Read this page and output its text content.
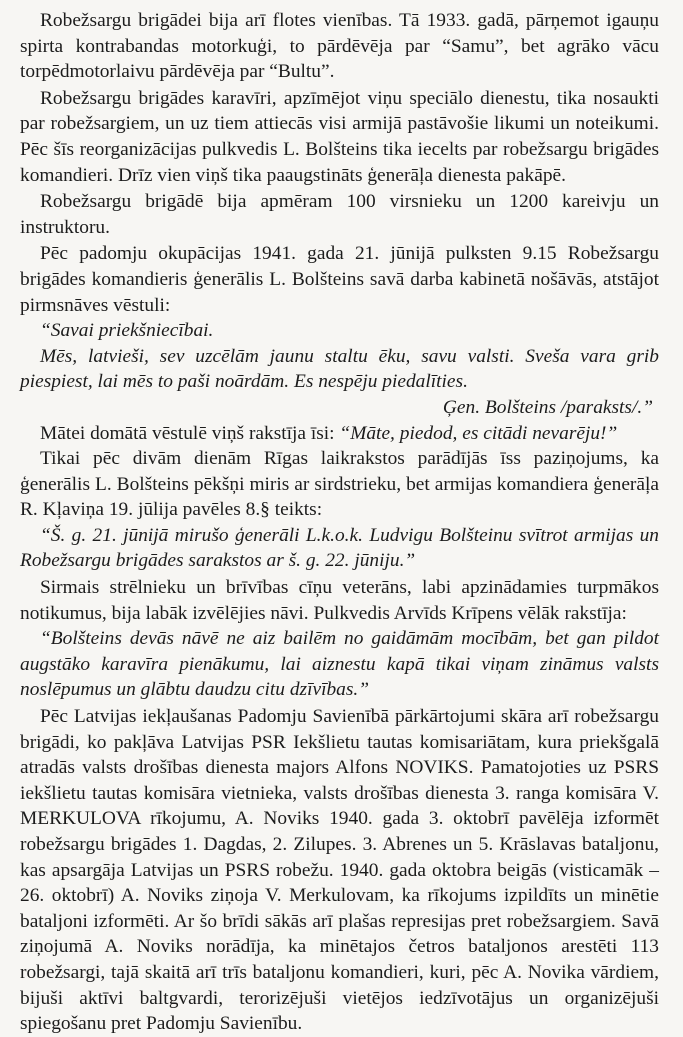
Robežsargu brigādei bija arī flotes vienības. Tā 1933. gadā, pārņemot igauņu spirta kontrabandas motorkuģi, to pārdēvēja par “Samu”, bet agrāko vācu torpēdmotorlaivu pārdēvēja par “Bultu”.

Robežsargu brigādes karavīri, apzīmējot viņu speciālo dienestu, tika nosaukti par robežsargiem, un uz tiem attiecās visi armijā pastāvošie likumi un noteikumi. Pēc šīs reorganizācijas pulkvedis L. Bolšteins tika iecelts par robežsargu brigādes komandieri. Drīz vien viņš tika paaugstināts ģenerāļa dienesta pakāpē.

Robežsargu brigādē bija apmēram 100 virsnieku un 1200 kareivju un instruktoru.

Pēc padomju okupācijas 1941. gada 21. jūnijā pulksten 9.15 Robežsargu brigādes komandieris ģenerālis L. Bolšteins savā darba kabinetā nošāvās, atstājot pirmsnāves vēstuli:

“Savai priekšniecībai.

Mēs, latvieši, sev uzcēlām jaunu staltu ēku, savu valsti. Sveša vara grib piespiest, lai mēs to paši noārdām. Es nespēju piedalīties.

Ģen. Bolšteins /paraksts/.”

Mātei domātā vēstulē viņš rakstīja īsi: “Māte, piedod, es citādi nevarēju!”

Tikai pēc divām dienām Rīgas laikrakstos parādījās īss paziņojums, ka ģenerālis L. Bolšteins pēkšņi miris ar sirdstrieku, bet armijas komandiera ģenerāļa R. Kļaviņa 19. jūlija pavēles 8.§ teikts:

“Š. g. 21. jūnijā mirušo ģenerāli L.k.o.k. Ludvigu Bolšteinu svītrot armijas un Robežsargu brigādes sarakstos ar š. g. 22. jūniju.”

Sirmais strēlnieku un brīvības cīņu veterāns, labi apzinādamies turpmākos notikumus, bija labāk izvēlējies nāvi. Pulkvedis Arvīds Krīpens vēlāk rakstīja:

“Bolšteins devās nāvē ne aiz bailēm no gaidāmām mocībām, bet gan pildot augstāko karavīra pienākumu, lai aiznestu kapā tikai viņam zināmus valsts noslēpumus un glābtu daudzu citu dzīvības.”

Pēc Latvijas iekļaušanas Padomju Savienībā pārkārtojumi skāra arī robežsargu brigādi, ko pakļāva Latvijas PSR Iekšlietu tautas komisariātam, kura priekšgalā atradās valsts drošības dienesta majors Alfons NOVIKS. Pamatojoties uz PSRS iekšlietu tautas komisāra vietnieka, valsts drošības dienesta 3. ranga komisāra V. MERKULOVA rīkojumu, A. Noviks 1940. gada 3. oktobrī pavēlēja izformēt robežsargu brigādes 1. Dagdas, 2. Zilupes. 3. Abrenes un 5. Krāslavas bataljonu, kas apsargāja Latvijas un PSRS robežu. 1940. gada oktobra beigās (visticamāk – 26. oktobrī) A. Noviks ziņoja V. Merkulovam, ka rīkojums izpildīts un minētie bataljoni izformēti. Ar šo brīdi sākās arī plašas represijas pret robežsargiem. Savā ziņojumā A. Noviks norādīja, ka minētajos četros bataljonos arestēti 113 robežsargi, tajā skaitā arī trīs bataljonu komandieri, kuri, pēc A. Novika vārdiem, bijuši aktīvi baltgvardi, terorizējuši vietējos iedzīvotājus un organizējuši spiegošanu pret Padomju Savienību.
